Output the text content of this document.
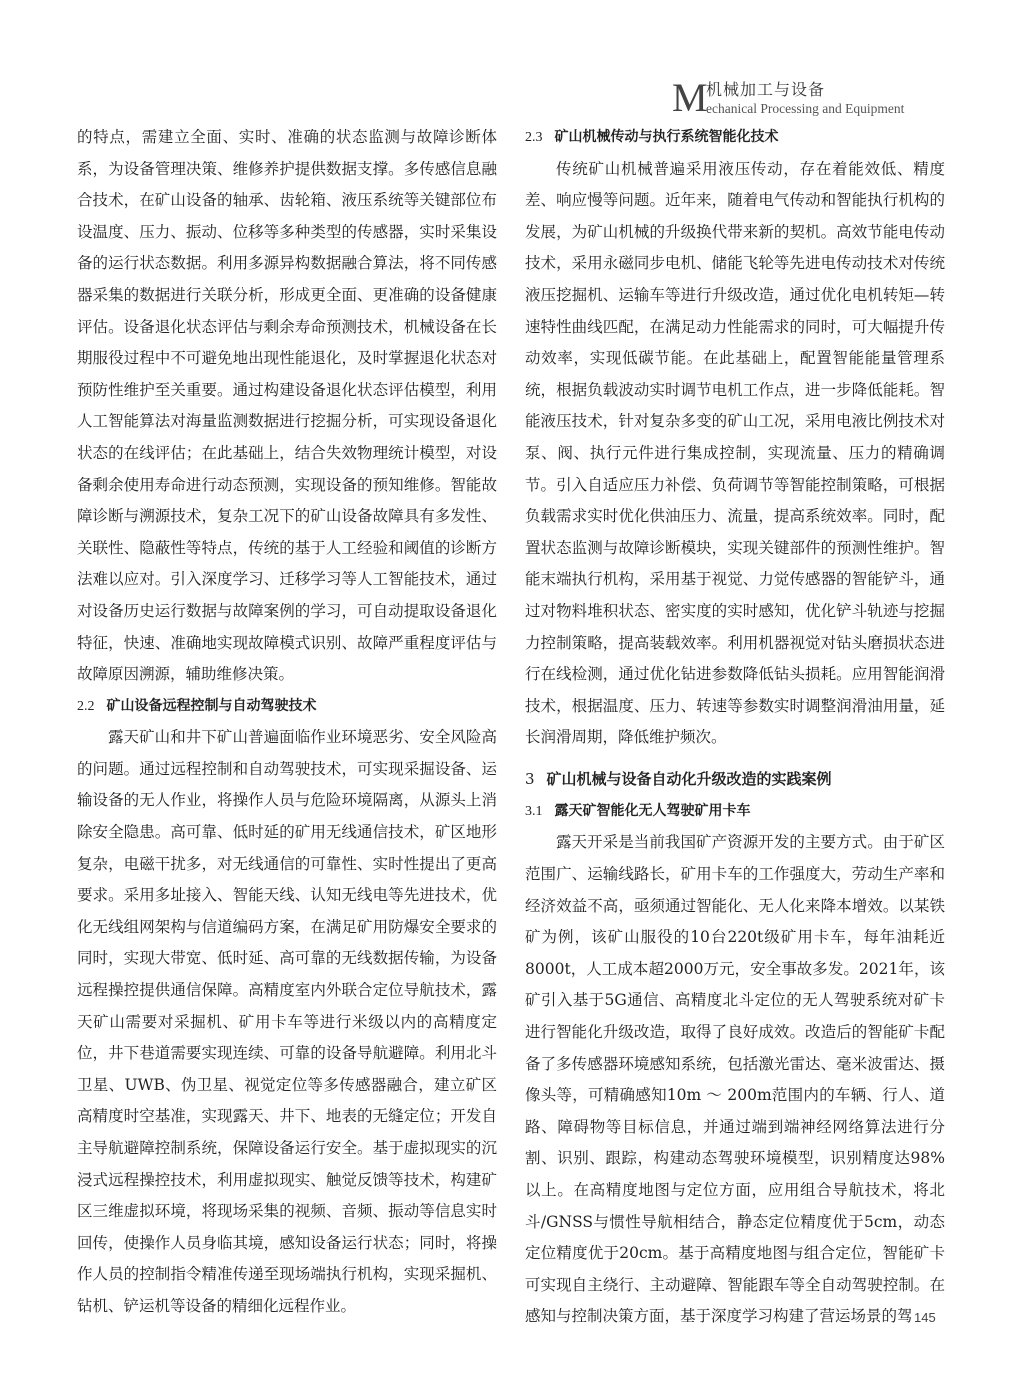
M
机械加工与设备
echanical Processing and Equipment

的特点，需建立全面、实时、准确的状态监测与故障诊断体系，为设备管理决策、维修养护提供数据支撑。多传感信息融合技术，在矿山设备的轴承、齿轮箱、液压系统等关键部位布设温度、压力、振动、位移等多种类型的传感器，实时采集设备的运行状态数据。利用多源异构数据融合算法，将不同传感器采集的数据进行关联分析，形成更全面、更准确的设备健康评估。设备退化状态评估与剩余寿命预测技术，机械设备在长期服役过程中不可避免地出现性能退化，及时掌握退化状态对预防性维护至关重要。通过构建设备退化状态评估模型，利用人工智能算法对海量监测数据进行挖掘分析，可实现设备退化状态的在线评估；在此基础上，结合失效物理统计模型，对设备剩余使用寿命进行动态预测，实现设备的预知维修。智能故障诊断与溯源技术，复杂工况下的矿山设备故障具有多发性、关联性、隐蔽性等特点，传统的基于人工经验和阈值的诊断方法难以应对。引入深度学习、迁移学习等人工智能技术，通过对设备历史运行数据与故障案例的学习，可自动提取设备退化特征，快速、准确地实现故障模式识别、故障严重程度评估与故障原因溯源，辅助维修决策。

2.2 矿山设备远程控制与自动驾驶技术

露天矿山和井下矿山普遍面临作业环境恶劣、安全风险高的问题。通过远程控制和自动驾驶技术，可实现采掘设备、运输设备的无人作业，将操作人员与危险环境隔离，从源头上消除安全隐患。高可靠、低时延的矿用无线通信技术，矿区地形复杂，电磁干扰多，对无线通信的可靠性、实时性提出了更高要求。采用多址接入、智能天线、认知无线电等先进技术，优化无线组网架构与信道编码方案，在满足矿用防爆安全要求的同时，实现大带宽、低时延、高可靠的无线数据传输，为设备远程操控提供通信保障。高精度室内外联合定位导航技术，露天矿山需要对采掘机、矿用卡车等进行米级以内的高精度定位，井下巷道需要实现连续、可靠的设备导航避障。利用北斗卫星、UWB、伪卫星、视觉定位等多传感器融合，建立矿区高精度时空基准，实现露天、井下、地表的无缝定位；开发自主导航避障控制系统，保障设备运行安全。基于虚拟现实的沉浸式远程操控技术，利用虚拟现实、触觉反馈等技术，构建矿区三维虚拟环境，将现场采集的视频、音频、振动等信息实时回传，使操作人员身临其境，感知设备运行状态；同时，将操作人员的控制指令精准传递至现场端执行机构，实现采掘机、钻机、铲运机等设备的精细化远程作业。

2.3 矿山机械传动与执行系统智能化技术

传统矿山机械普遍采用液压传动，存在着能效低、精度差、响应慢等问题。近年来，随着电气传动和智能执行机构的发展，为矿山机械的升级换代带来新的契机。高效节能电传动技术，采用永磁同步电机、储能飞轮等先进电传动技术对传统液压挖掘机、运输车等进行升级改造，通过优化电机转矩—转速特性曲线匹配，在满足动力性能需求的同时，可大幅提升传动效率，实现低碳节能。在此基础上，配置智能能量管理系统，根据负载波动实时调节电机工作点，进一步降低能耗。智能液压技术，针对复杂多变的矿山工况，采用电液比例技术对泵、阀、执行元件进行集成控制，实现流量、压力的精确调节。引入自适应压力补偿、负荷调节等智能控制策略，可根据负载需求实时优化供油压力、流量，提高系统效率。同时，配置状态监测与故障诊断模块，实现关键部件的预测性维护。智能末端执行机构，采用基于视觉、力觉传感器的智能铲斗，通过对物料堆积状态、密实度的实时感知，优化铲斗轨迹与挖掘力控制策略，提高装载效率。利用机器视觉对钻头磨损状态进行在线检测，通过优化钻进参数降低钻头损耗。应用智能润滑技术，根据温度、压力、转速等参数实时调整润滑油用量，延长润滑周期，降低维护频次。

3 矿山机械与设备自动化升级改造的实践案例
3.1 露天矿智能化无人驾驶矿用卡车

露天开采是当前我国矿产资源开发的主要方式。由于矿区范围广、运输线路长，矿用卡车的工作强度大，劳动生产率和经济效益不高，亟须通过智能化、无人化来降本增效。以某铁矿为例，该矿山服役的10台220t级矿用卡车，每年油耗近8000t，人工成本超2000万元，安全事故多发。2021年，该矿引入基于5G通信、高精度北斗定位的无人驾驶系统对矿卡进行智能化升级改造，取得了良好成效。改造后的智能矿卡配备了多传感器环境感知系统，包括激光雷达、毫米波雷达、摄像头等，可精确感知10m ～ 200m范围内的车辆、行人、道路、障碍物等目标信息，并通过端到端神经网络算法进行分割、识别、跟踪，构建动态驾驶环境模型，识别精度达98%以上。在高精度地图与定位方面，应用组合导航技术，将北斗/GNSS与惯性导航相结合，静态定位精度优于5cm，动态定位精度优于20cm。基于高精度地图与组合定位，智能矿卡可实现自主绕行、主动避障、智能跟车等全自动驾驶控制。在感知与控制决策方面，基于深度学习构建了营运场景的驾 145
